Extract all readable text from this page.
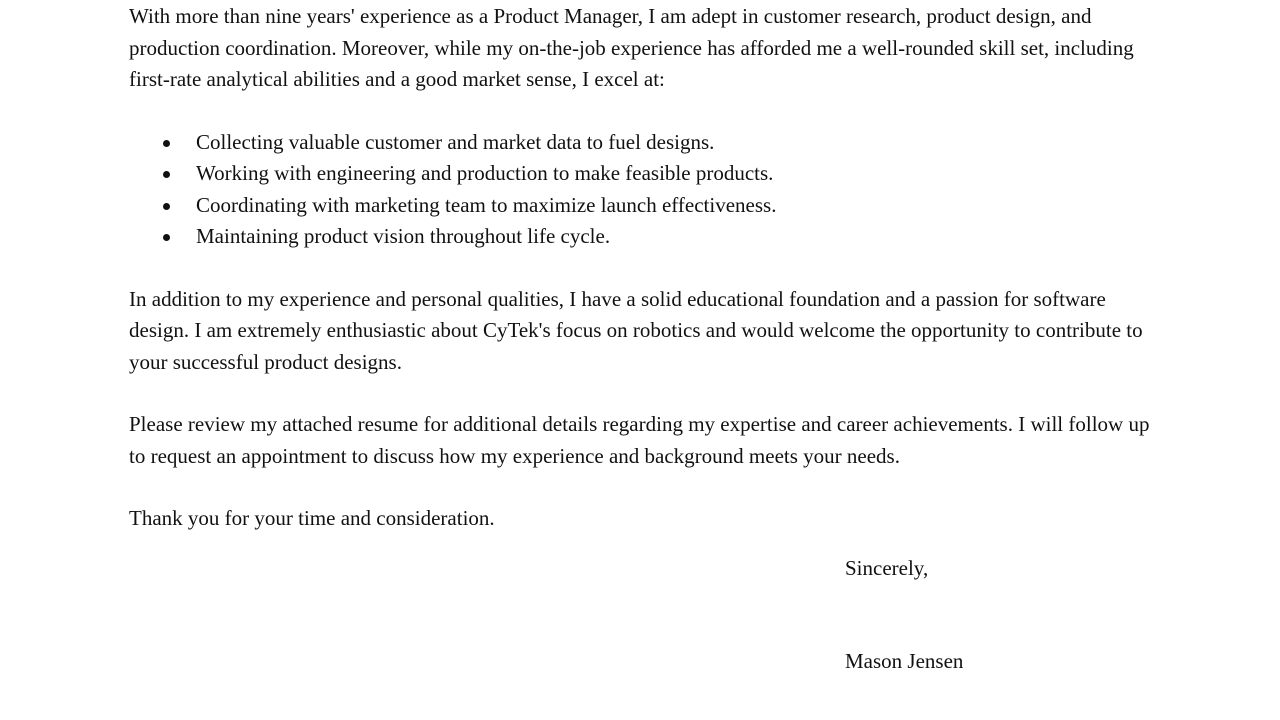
With more than nine years' experience as a Product Manager, I am adept in customer research, product design, and production coordination. Moreover, while my on-the-job experience has afforded me a well-rounded skill set, including first-rate analytical abilities and a good market sense, I excel at:

Collecting valuable customer and market data to fuel designs.
Working with engineering and production to make feasible products.
Coordinating with marketing team to maximize launch effectiveness.
Maintaining product vision throughout life cycle.

In addition to my experience and personal qualities, I have a solid educational foundation and a passion for software design. I am extremely enthusiastic about CyTek's focus on robotics and would welcome the opportunity to contribute to your successful product designs.

Please review my attached resume for additional details regarding my expertise and career achievements. I will follow up to request an appointment to discuss how my experience and background meets your needs.

Thank you for your time and consideration.

Sincerely,
Mason Jensen
